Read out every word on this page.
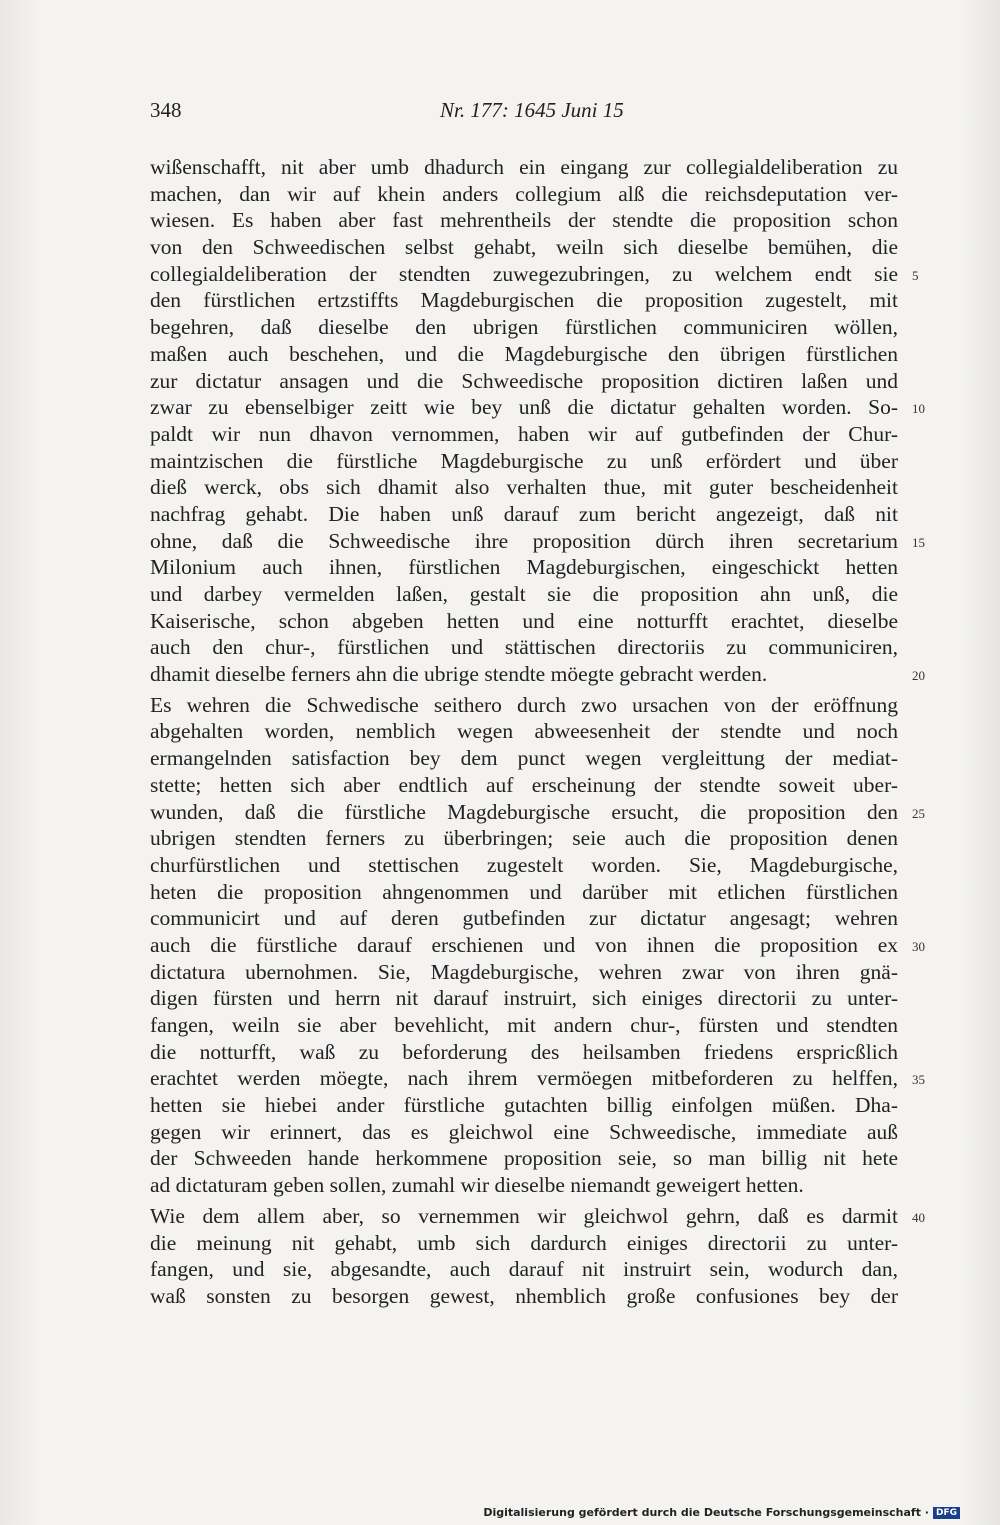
348	Nr. 177: 1645 Juni 15
wißenschafft, nit aber umb dhadurch ein eingang zur collegialdeliberation zu
machen, dan wir auf khein anders collegium alß die reichsdeputation ver-
wiesen. Es haben aber fast mehrentheils der stendte die proposition schon
von den Schweedischen selbst gehabt, weiln sich dieselbe bemühen, die
collegialdeliberation der stendten zuwegezubringen, zu welchem endt sie 5
den fürstlichen ertzstiffts Magdeburgischen die proposition zugestelt, mit
begehren, daß dieselbe den ubrigen fürstlichen communiciren wöllen,
maßen auch beschehen, und die Magdeburgische den übrigen fürstlichen
zur dictatur ansagen und die Schweedische proposition dictiren laßen und
zwar zu ebenselbiger zeitt wie bey unß die dictatur gehalten worden. So- 10
paldt wir nun dhavon vernommen, haben wir auf gutbefinden der Chur-
maintzischen die fürstliche Magdeburgische zu unß erfördert und über
dieß werck, obs sich dhamit also verhalten thue, mit guter bescheidenheit
nachfrag gehabt. Die haben unß darauf zum bericht angezeigt, daß nit
ohne, daß die Schweedische ihre proposition dürch ihren secretarium 15
Milonium auch ihnen, fürstlichen Magdeburgischen, eingeschickt hetten
und darbey vermelden laßen, gestalt sie die proposition ahn unß, die
Kaiserische, schon abgeben hetten und eine notturfft erachtet, dieselbe
auch den chur-, fürstlichen und stättischen directoriis zu communiciren,
dhamit dieselbe ferners ahn die ubrige stendte möegte gebracht werden.	20
Es wehren die Schwedische seithero durch zwo ursachen von der eröffnung
abgehalten worden, nemblich wegen abweesenheit der stendte und noch
ermangelnden satisfaction bey dem punct wegen vergleittung der mediat-
stette; hetten sich aber endtlich auf erscheinung der stendte soweit uber-
wunden, daß die fürstliche Magdeburgische ersucht, die proposition den 25
ubrigen stendten ferners zu überbringen; seie auch die proposition denen
churfürstlichen und stettischen zugestelt worden. Sie, Magdeburgische,
heten die proposition ahngenommen und darüber mit etlichen fürstlichen
communicirt und auf deren gutbefinden zur dictatur angesagt; wehren
auch die fürstliche darauf erschienen und von ihnen die proposition ex 30
dictatura ubernohmen. Sie, Magdeburgische, wehren zwar von ihren gnä-
digen fürsten und herrn nit darauf instruirt, sich einiges directorii zu unter-
fangen, weiln sie aber bevehlicht, mit andern chur-, fürsten und stendten
die notturfft, waß zu beforderung des heilsamben friedens erspricßlich
erachtet werden möegte, nach ihrem vermöegen mitbeforderen zu helffen, 35
hetten sie hiebei ander fürstliche gutachten billig einfolgen müßen. Dha-
gegen wir erinnert, das es gleichwol eine Schweedische, immediate auß
der Schweeden hande herkommene proposition seie, so man billig nit hete
ad dictaturam geben sollen, zumahl wir dieselbe niemandt geweigert hetten.
Wie dem allem aber, so vernemmen wir gleichwol gehrn, daß es darmit 40
die meinung nit gehabt, umb sich dardurch einiges directorii zu unter-
fangen, und sie, abgesandte, auch darauf nit instruirt sein, wodurch dan,
waß sonsten zu besorgen gewest, nhemblich große confusiones bey der
Digitalisierung gefördert durch die Deutsche Forschungsgemeinschaft · DFG
